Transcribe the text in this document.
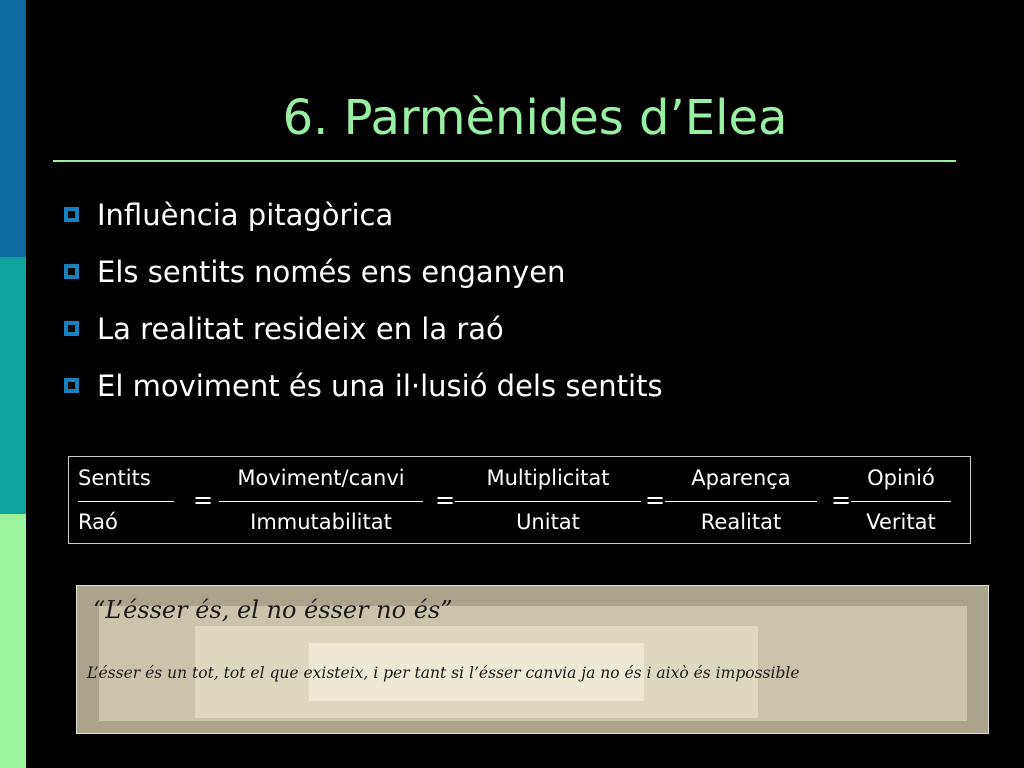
6. Parmènides d’Elea
Influència pitagòrica
Els sentits només ens enganyen
La realitat resideix en la raó
El moviment és una il·lusió dels sentits
Sentits
Raó
=
Moviment/canvi
Immutabilitat
=
Multiplicitat
Unitat
=
Aparença
Realitat
=
Opinió
Veritat
“L’ésser és, el no ésser no és”
L’ésser és un tot, tot el que existeix, i per tant si l’ésser canvia ja no és i això és impossible
